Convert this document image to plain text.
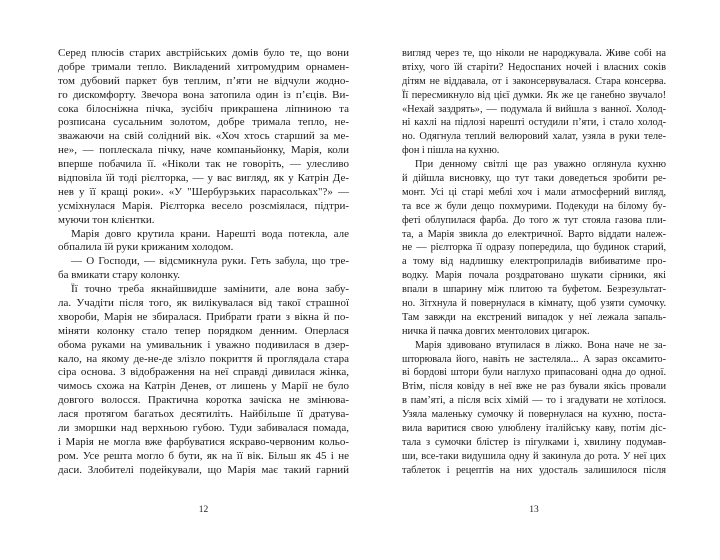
Серед плюсів старих австрійських домів було те, що вони
добре тримали тепло. Викладений хитромудрим орнамен-
том дубовий паркет був теплим, п’яти не відчули жодно-
го дискомфорту. Звечора вона затопила один із п’єців. Ви-
сока білосніжна пічка, зусібіч прикрашена ліпниною та
розписана сусальним золотом, добре тримала тепло, не-
зважаючи на свій солідний вік. «Хоч хтось старший за ме-
не», — поплескала пічку, наче компаньйонку, Марія, коли
вперше побачила її. «Ніколи так не говоріть, — улесливо
відповіла їй тоді рієлторка, — у вас вигляд, як у Катрін Де-
нев у її кращі роки». «У "Шербурзьких парасольках"?» —
усміхнулася Марія. Рієлторка весело розсміялася, підтри-
муючи тон клієнтки.
Марія довго крутила крани. Нарешті вода потекла, але
обпалила їй руки крижаним холодом.
— О Господи, — відсмикнула руки. Геть забула, що тре-
ба вмикати стару колонку.
Її точно треба якнайшвидше замінити, але вона забу-
ла. Учадіти після того, як вилікувалася від такої страшної
хвороби, Марія не збиралася. Прибрати ґрати з вікна й по-
міняти колонку стало тепер порядком денним. Оперлася
обома руками на умивальник і уважно подивилася в дзер-
кало, на якому де-не-де злізло покриття й проглядала стара
сіра основа. З відображення на неї справді дивилася жінка,
чимось схожа на Катрін Денев, от лишень у Марії не було
довгого волосся. Практична коротка зачіска не змінюва-
лася протягом багатьох десятиліть. Найбільше її дратува-
ли зморшки над верхньою губою. Туди забивалася помада,
і Марія не могла вже фарбуватися яскраво-червоним кольо-
ром. Усе решта могло б бути, як на її вік. Більш як 45 і не
даси. Злобителі подейкували, що Марія має такий гарний
12
вигляд через те, що ніколи не народжувала. Живе собі на
втіху, чого їй старіти? Недоспаних ночей і власних соків
дітям не віддавала, от і законсервувалася. Стара консерва.
Її пересмикнуло від цієї думки. Як же це ганебно звучало!
«Нехай заздрять», — подумала й вийшла з ванної. Холод-
ні кахлі на підлозі нарешті остудили п’яти, і стало холод-
но. Одягнула теплий велюровий халат, узяла в руки теле-
фон і пішла на кухню.
При денному світлі ще раз уважно оглянула кухню
й дійшла висновку, що тут таки доведеться зробити ре-
монт. Усі ці старі меблі хоч і мали атмосферний вигляд,
та все ж були дещо похмурими. Подекуди на білому бу-
феті облупилася фарба. До того ж тут стояла газова пли-
та, а Марія звикла до електричної. Варто віддати належ-
не — рієлторка її одразу попередила, що будинок старий,
а тому від надлишку електроприладів вибиватиме про-
водку. Марія почала роздратовано шукати сірники, які
впали в шпарину між плитою та буфетом. Безрезультат-
но. Зітхнула й повернулася в кімнату, щоб узяти сумочку.
Там завжди на екстрений випадок у неї лежала запаль-
ничка й пачка довгих ментолових цигарок.
Марія здивовано втупилася в ліжко. Вона наче не за-
шторювала його, навіть не застеляла... А зараз оксамито-
ві бордові штори були наглухо припасовані одна до одної.
Втім, після ковіду в неї вже не раз бували якісь провали
в пам’яті, а після всіх хімій — то і згадувати не хотілося.
Узяла маленьку сумочку й повернулася на кухню, поста-
вила варитися свою улюблену італійську каву, потім діс-
тала з сумочки блістер із пігулками і, хвилину подумав-
ши, все-таки видушила одну й закинула до рота. У неї цих
таблеток і рецептів на них удосталь залишилося після
13
